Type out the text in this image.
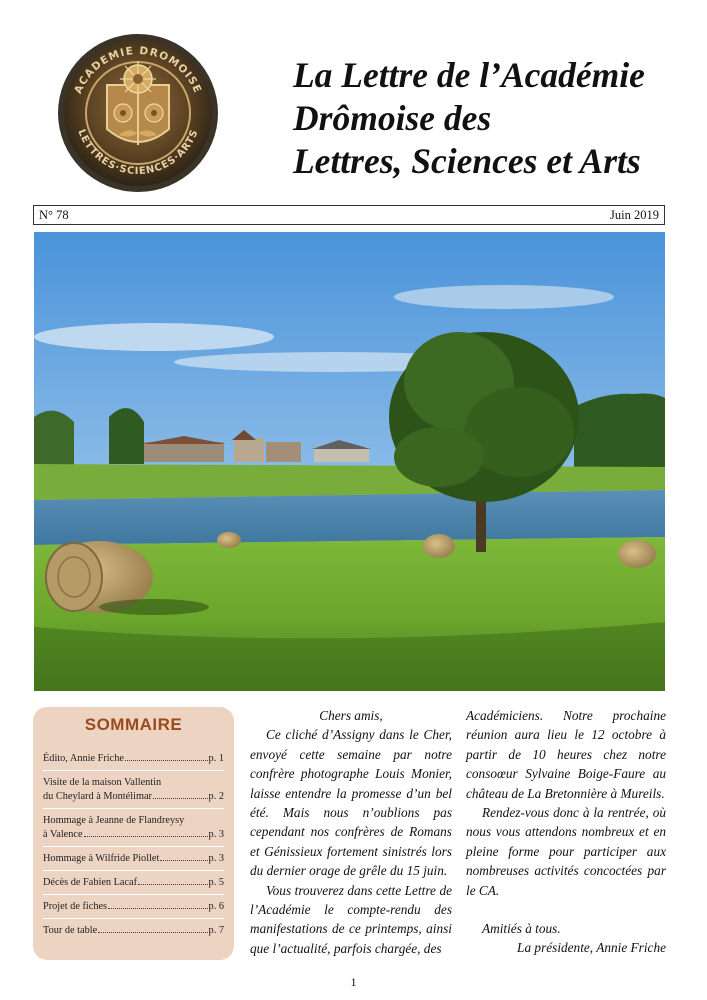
ACADEMIE DROMOISE
LETTRES·SCIENCES·ARTS
La Lettre de l’Académie
Drômoise des
Lettres, Sciences et Arts
N° 78	Juin 2019
SOMMAIRE
Édito, Annie Friche	p. 1
Visite de la maison Vallentin
du Cheylard à Montélimar	p. 2
Hommage à Jeanne de Flandreysy
à Valence	p. 3
Hommage à Wilfride Piollet	p. 3
Décès de Fabien Lacaf	p. 5
Projet de fiches	p. 6
Tour de table	p. 7

Chers amis,

Ce cliché d’Assigny dans le Cher, envoyé cette semaine par notre confrère photographe Louis Monier, laisse entendre la promesse d’un bel été. Mais nous n’oublions pas cependant nos confrères de Romans et Génissieux fortement sinistrés lors du dernier orage de grêle du 15 juin.

Vous trouverez dans cette Lettre de l’Académie le compte-rendu des manifestations de ce printemps, ainsi que l’actualité, parfois chargée, des

Académiciens. Notre prochaine réunion aura lieu le 12 octobre à partir de 10 heures chez notre consoœur Sylvaine Boige-Faure au château de La Bretonnière à Mureils.

Rendez-vous donc à la rentrée, où nous vous attendons nombreux et en pleine forme pour participer aux nombreuses activités concoctées par le CA.

Amitiés à tous.

La présidente, Annie Friche

1
